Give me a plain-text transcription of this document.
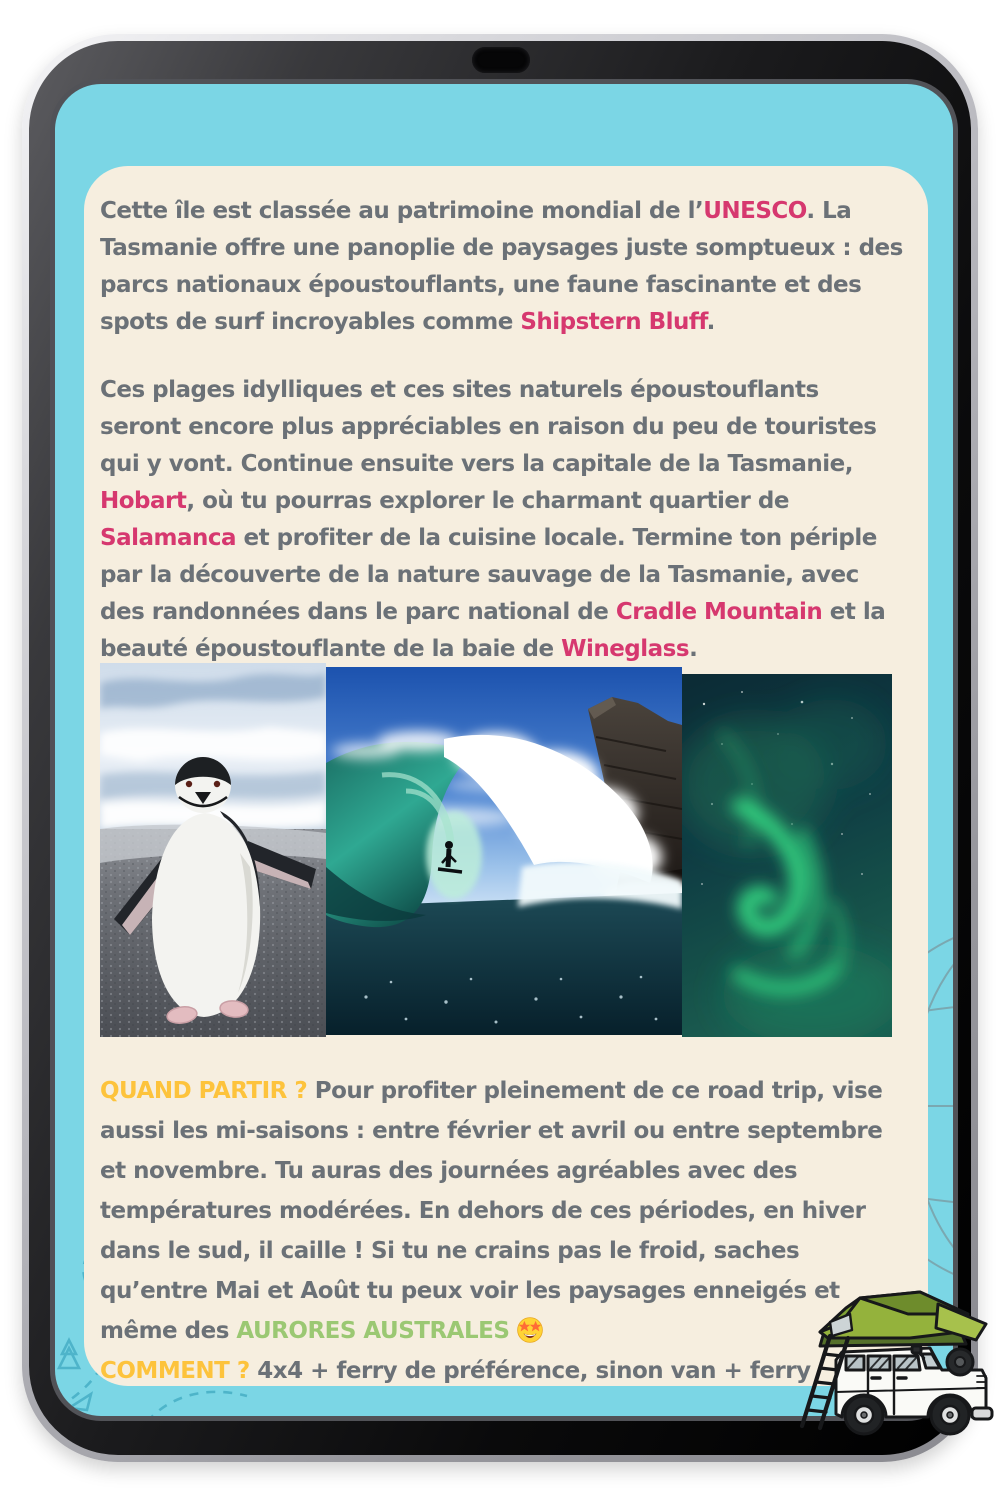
Cette île est classée au patrimoine mondial de l’UNESCO. La Tasmanie offre une panoplie de paysages juste somptueux : des parcs nationaux époustouflants, une faune fascinante et des spots de surf incroyables comme Shipstern Bluff.

Ces plages idylliques et ces sites naturels époustouflants seront encore plus appréciables en raison du peu de touristes qui y vont. Continue ensuite vers la capitale de la Tasmanie, Hobart, où tu pourras explorer le charmant quartier de Salamanca et profiter de la cuisine locale. Termine ton périple par la découverte de la nature sauvage de la Tasmanie, avec des randonnées dans le parc national de Cradle Mountain et la beauté époustouflante de la baie de Wineglass.

QUAND PARTIR ? Pour profiter pleinement de ce road trip, vise aussi les mi-saisons : entre février et avril ou entre septembre et novembre. Tu auras des journées agréables avec des températures modérées. En dehors de ces périodes, en hiver dans le sud, il caille ! Si tu ne crains pas le froid, saches qu’entre Mai et Août tu peux voir les paysages enneigés et même des AURORES AUSTRALES
COMMENT ? 4x4 + ferry de préférence, sinon van + ferry
